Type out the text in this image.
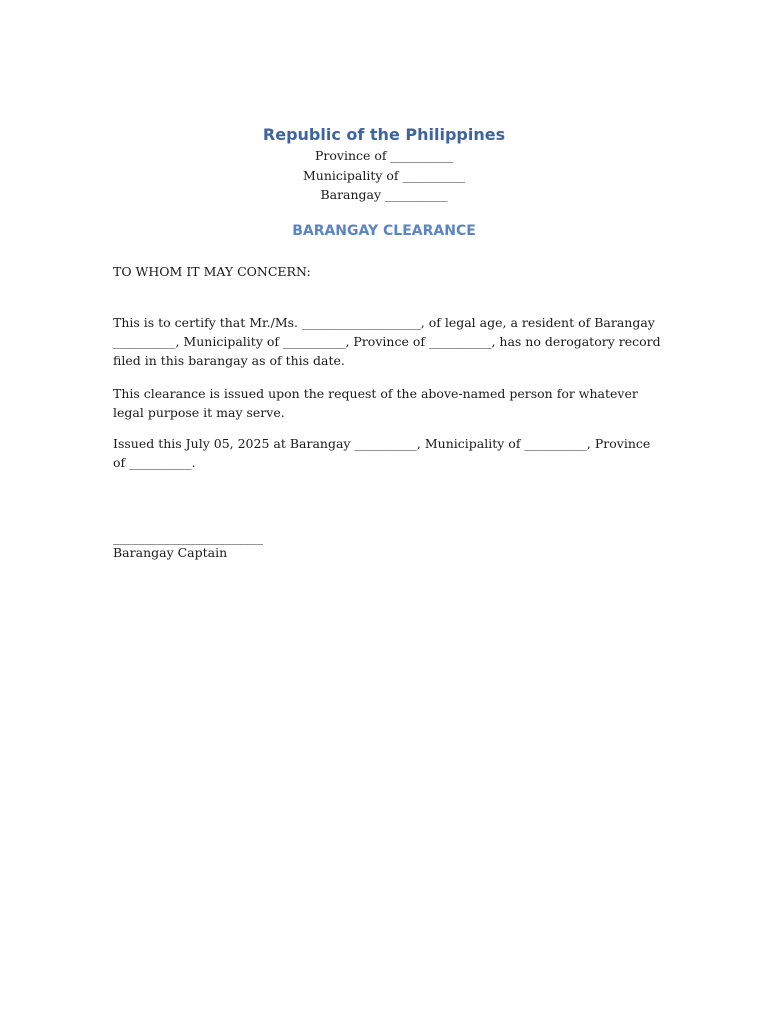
Republic of the Philippines

Province of __________

Municipality of __________

Barangay __________

BARANGAY CLEARANCE

TO WHOM IT MAY CONCERN:

This is to certify that Mr./Ms. ___________________, of legal age, a resident of Barangay __________, Municipality of __________, Province of __________, has no derogatory record filed in this barangay as of this date.

This clearance is issued upon the request of the above-named person for whatever legal purpose it may serve.

Issued this July 05, 2025 at Barangay __________, Municipality of __________, Province of __________.

________________________

Barangay Captain
